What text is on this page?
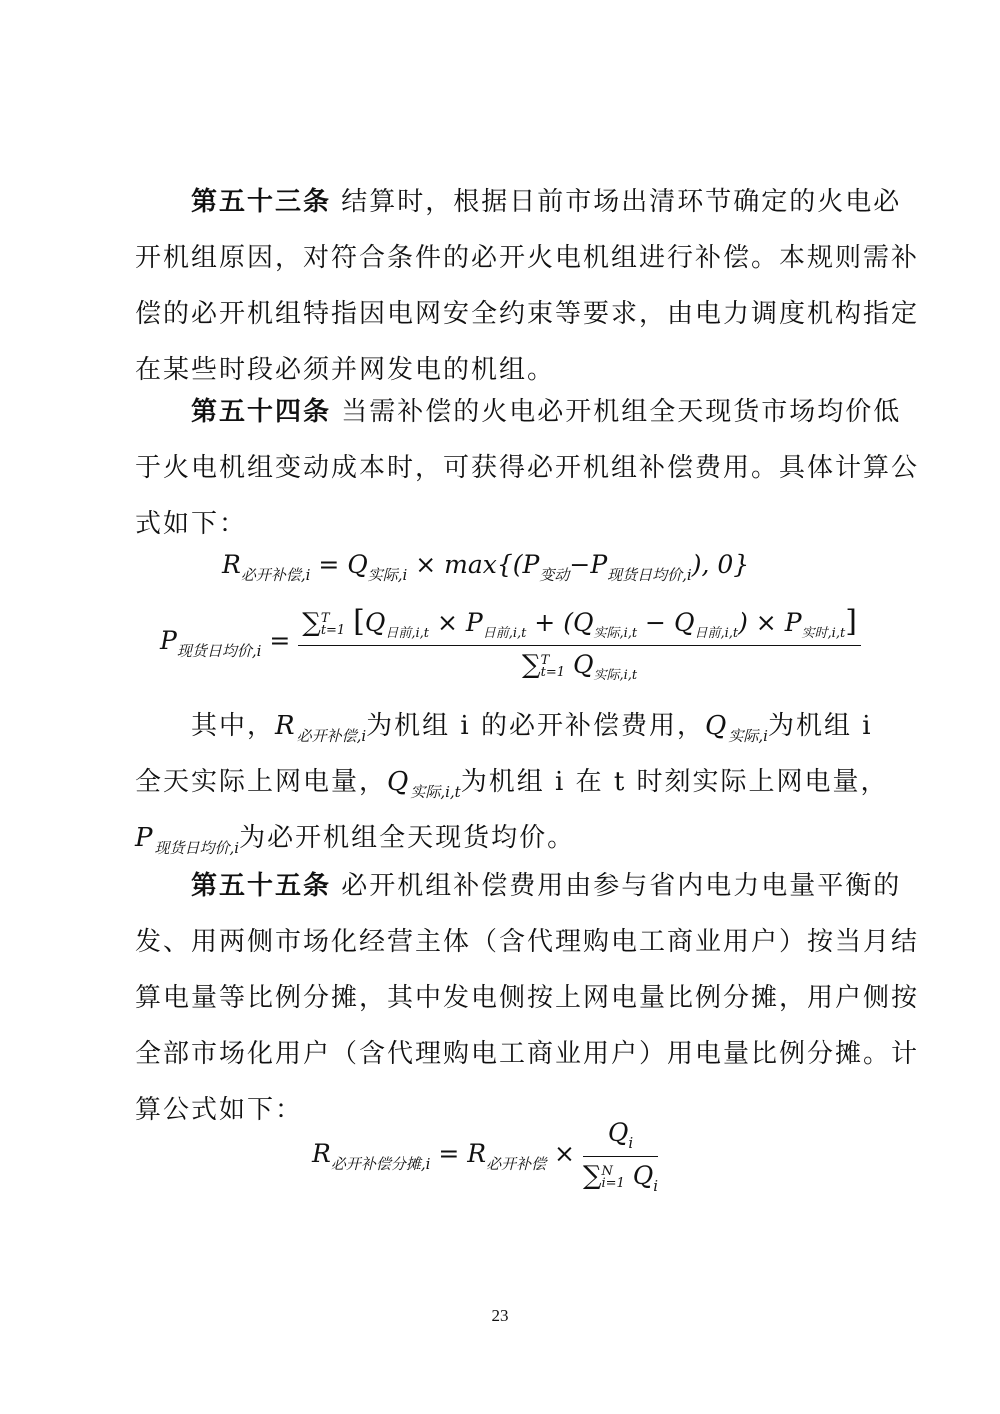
第五十三条 结算时，根据日前市场出清环节确定的火电必
开机组原因，对符合条件的必开火电机组进行补偿。本规则需补
偿的必开机组特指因电网安全约束等要求，由电力调度机构指定
在某些时段必须并网发电的机组。
第五十四条 当需补偿的火电必开机组全天现货市场均价低
于火电机组变动成本时，可获得必开机组补偿费用。具体计算公
式如下：
$R_{必开补偿,i} = Q_{实际,i} \times \max\{(P_{变动}-P_{现货日均价,i})$, 0}
$P_{现货日均价,i}$ =
∑ T
t=1 $[Q_{日前,i,t} \times P_{日前,i,t} + (Q_{实际,i,t} - Q_{日前,i,t}) \times P_{实时,i,t}]$
∑ T
t=1 $Q_{实际,i,t}$
其中，$R_{必开补偿,i}$为机组 i 的必开补偿费用，$Q_{实际,i}$为机组 i
全天实际上网电量，$Q_{实际,i,t}$为机组 i 在 t 时刻实际上网电量，
$P_{现货日均价,i}$为必开机组全天现货均价。
第五十五条 必开机组补偿费用由参与省内电力电量平衡的
发、用两侧市场化经营主体（含代理购电工商业用户）按当月结
算电量等比例分摊，其中发电侧按上网电量比例分摊，用户侧按
全部市场化用户（含代理购电工商业用户）用电量比例分摊。计
算公式如下：
$R_{必开补偿分摊,i} = R_{必开补偿} \times Q_i$
∑ N
i=1 $Q_i$
23
